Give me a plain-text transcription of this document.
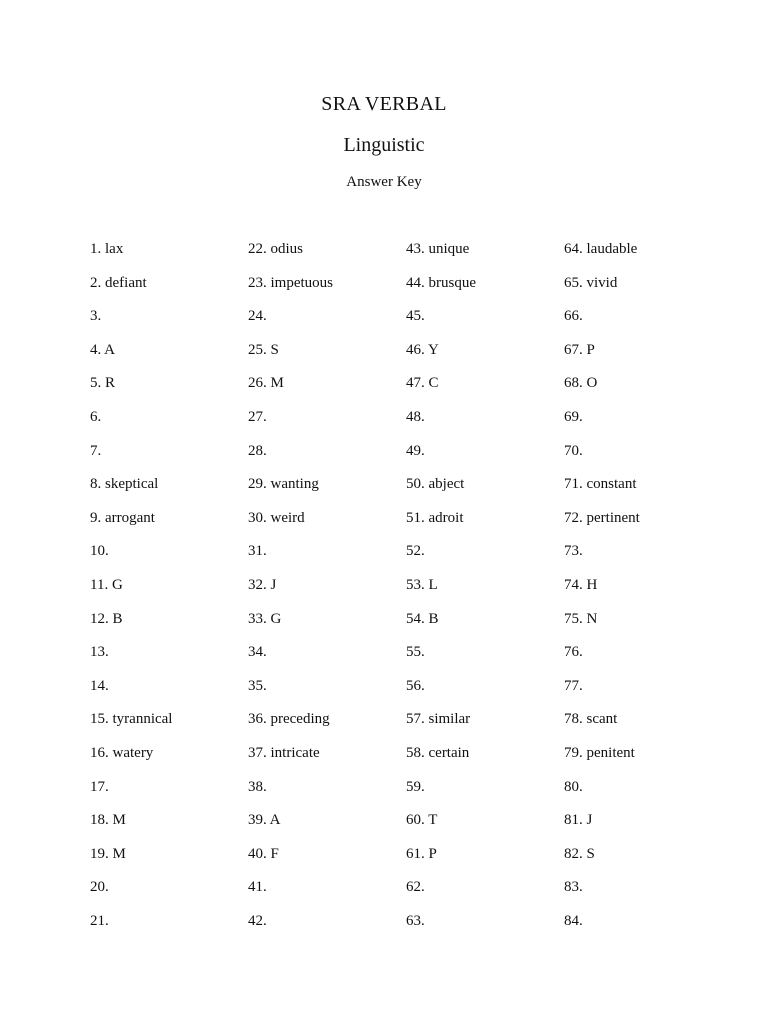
SRA VERBAL
Linguistic
Answer Key
1. lax
2. defiant
3.
4. A
5. R
6.
7.
8. skeptical
9. arrogant
10.
11. G
12. B
13.
14.
15. tyrannical
16. watery
17.
18. M
19. M
20.
21.
22. odius
23. impetuous
24.
25. S
26. M
27.
28.
29. wanting
30. weird
31.
32. J
33. G
34.
35.
36. preceding
37. intricate
38.
39. A
40. F
41.
42.
43. unique
44. brusque
45.
46. Y
47. C
48.
49.
50. abject
51. adroit
52.
53. L
54. B
55.
56.
57. similar
58. certain
59.
60. T
61. P
62.
63.
64. laudable
65. vivid
66.
67. P
68. O
69.
70.
71. constant
72. pertinent
73.
74. H
75. N
76.
77.
78. scant
79. penitent
80.
81. J
82. S
83.
84.
